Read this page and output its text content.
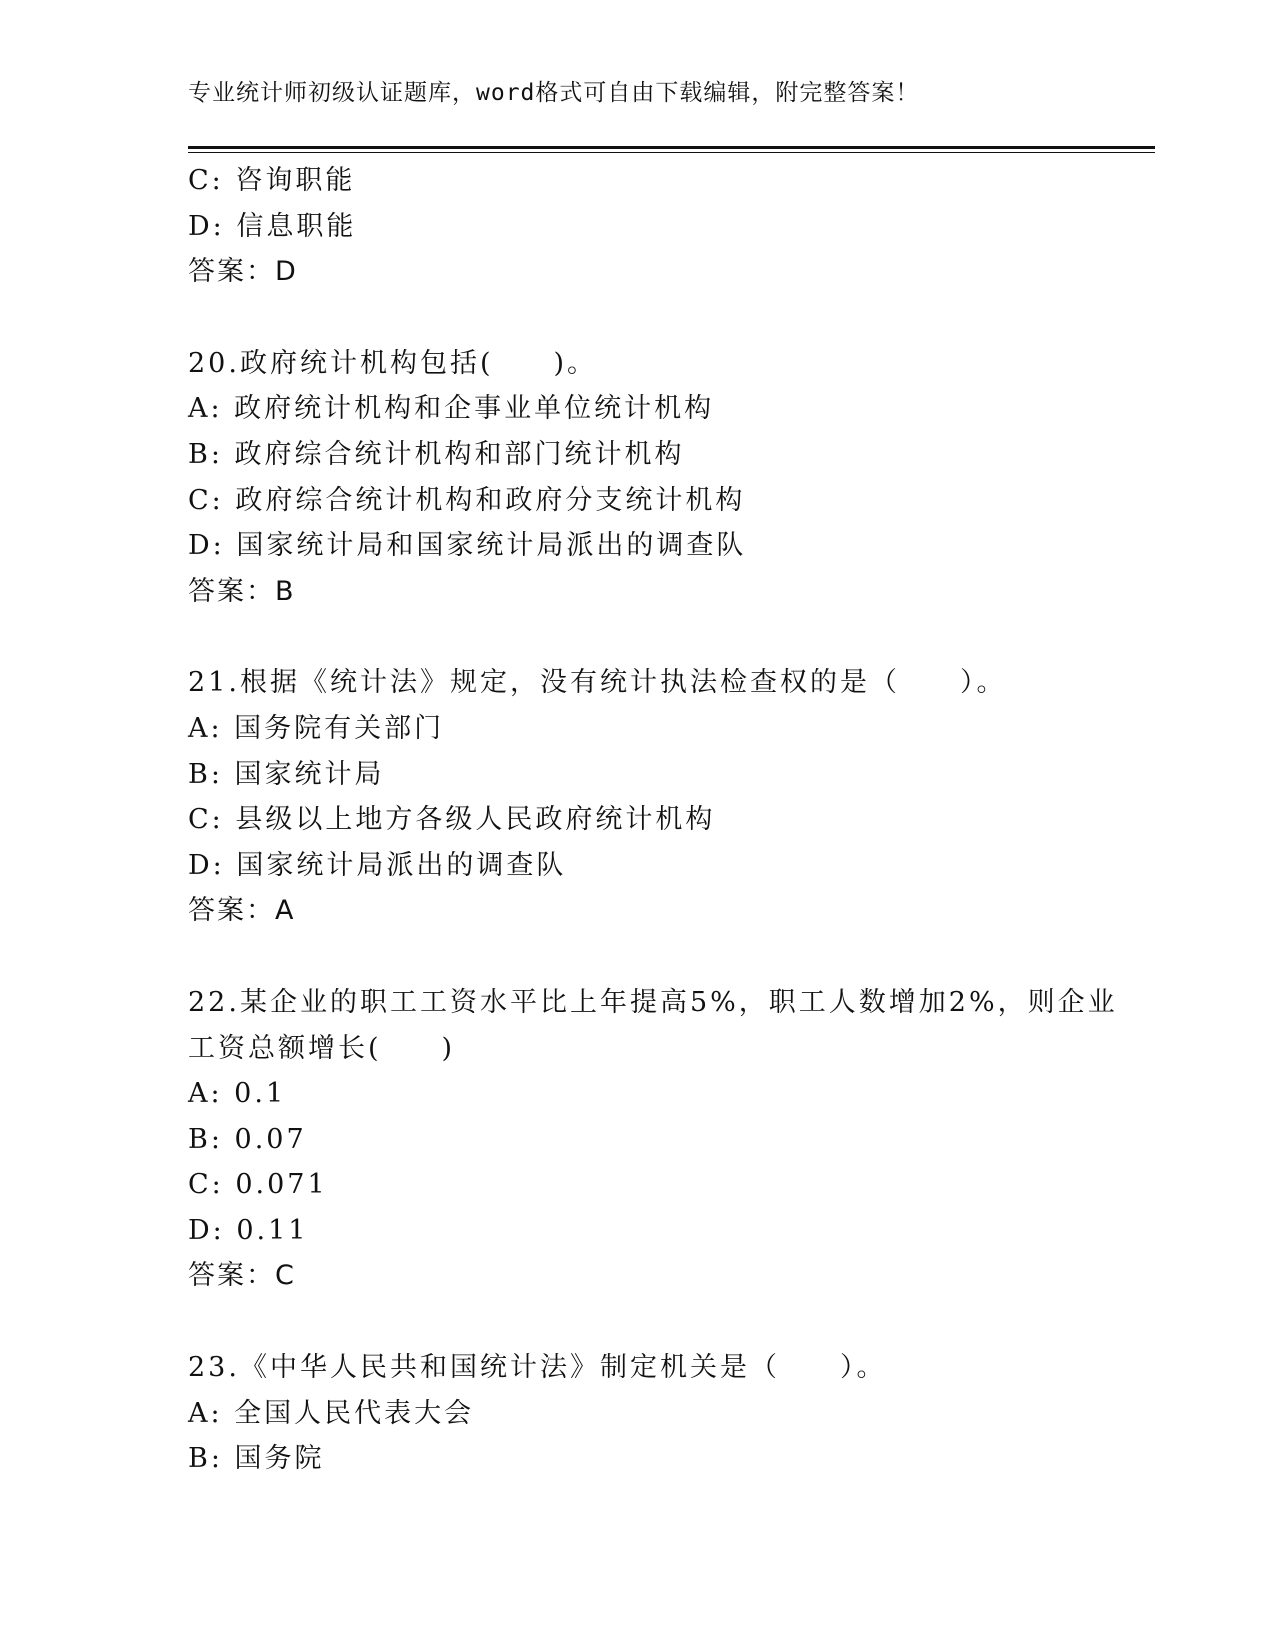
专业统计师初级认证题库，word格式可自由下载编辑，附完整答案！
C: 咨询职能
D: 信息职能
答案：D
20.政府统计机构包括(　　)。
A: 政府统计机构和企事业单位统计机构
B: 政府综合统计机构和部门统计机构
C: 政府综合统计机构和政府分支统计机构
D: 国家统计局和国家统计局派出的调查队
答案：B
21.根据《统计法》规定，没有统计执法检查权的是（　　）。
A: 国务院有关部门
B: 国家统计局
C: 县级以上地方各级人民政府统计机构
D: 国家统计局派出的调查队
答案：A
22.某企业的职工工资水平比上年提高5%，职工人数增加2%，则企业
工资总额增长(　　)
A: 0.1
B: 0.07
C: 0.071
D: 0.11
答案：C
23.《中华人民共和国统计法》制定机关是（　　）。
A: 全国人民代表大会
B: 国务院
